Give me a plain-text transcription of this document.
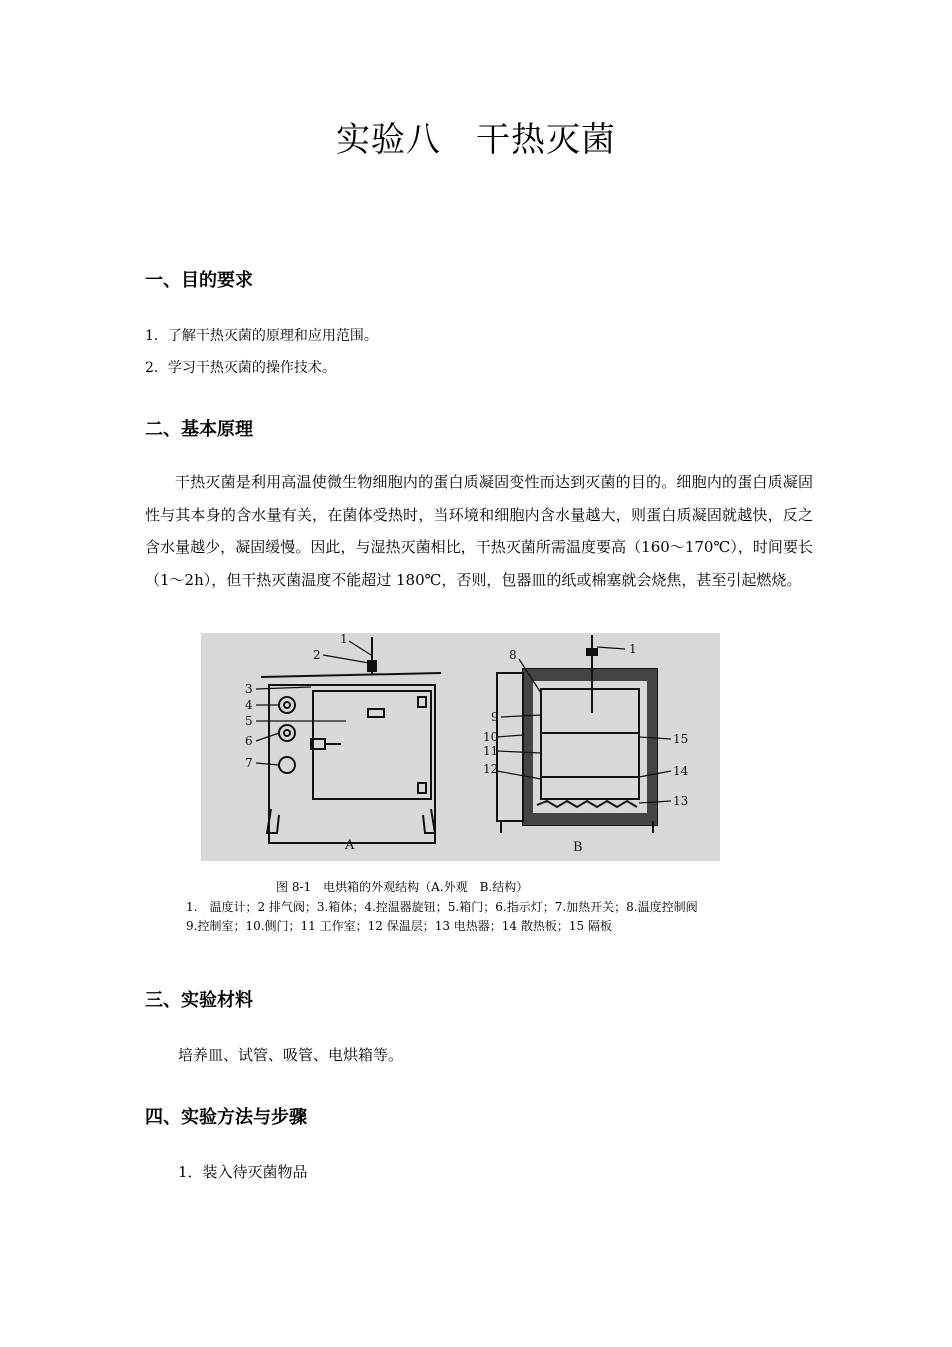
实验八　干热灭菌
一、目的要求
1．了解干热灭菌的原理和应用范围。
2．学习干热灭菌的操作技术。
二、基本原理

干热灭菌是利用高温使微生物细胞内的蛋白质凝固变性而达到灭菌的目的。细胞内的蛋白质凝固性与其本身的含水量有关，在菌体受热时，当环境和细胞内含水量越大，则蛋白质凝固就越快，反之含水量越少，凝固缓慢。因此，与湿热灭菌相比，干热灭菌所需温度要高（160～170℃），时间要长（1～2h），但干热灭菌温度不能超过 180℃，否则，包器皿的纸或棉塞就会烧焦，甚至引起燃烧。

1
2
3
4
5
6
7
A
8	1
9
10
11
12
15
14
13
B
图 8-1　电烘箱的外观结构（A.外观　B.结构）
1.　温度计；2 排气阀；3.箱体；4.控温器旋钮；5.箱门；6.指示灯；7.加热开关；8.温度控制阀
9.控制室；10.侧门；11 工作室；12 保温层；13 电热器；14 散热板；15 隔板
三、实验材料
培养皿、试管、吸管、电烘箱等。
四、实验方法与步骤
1．装入待灭菌物品
